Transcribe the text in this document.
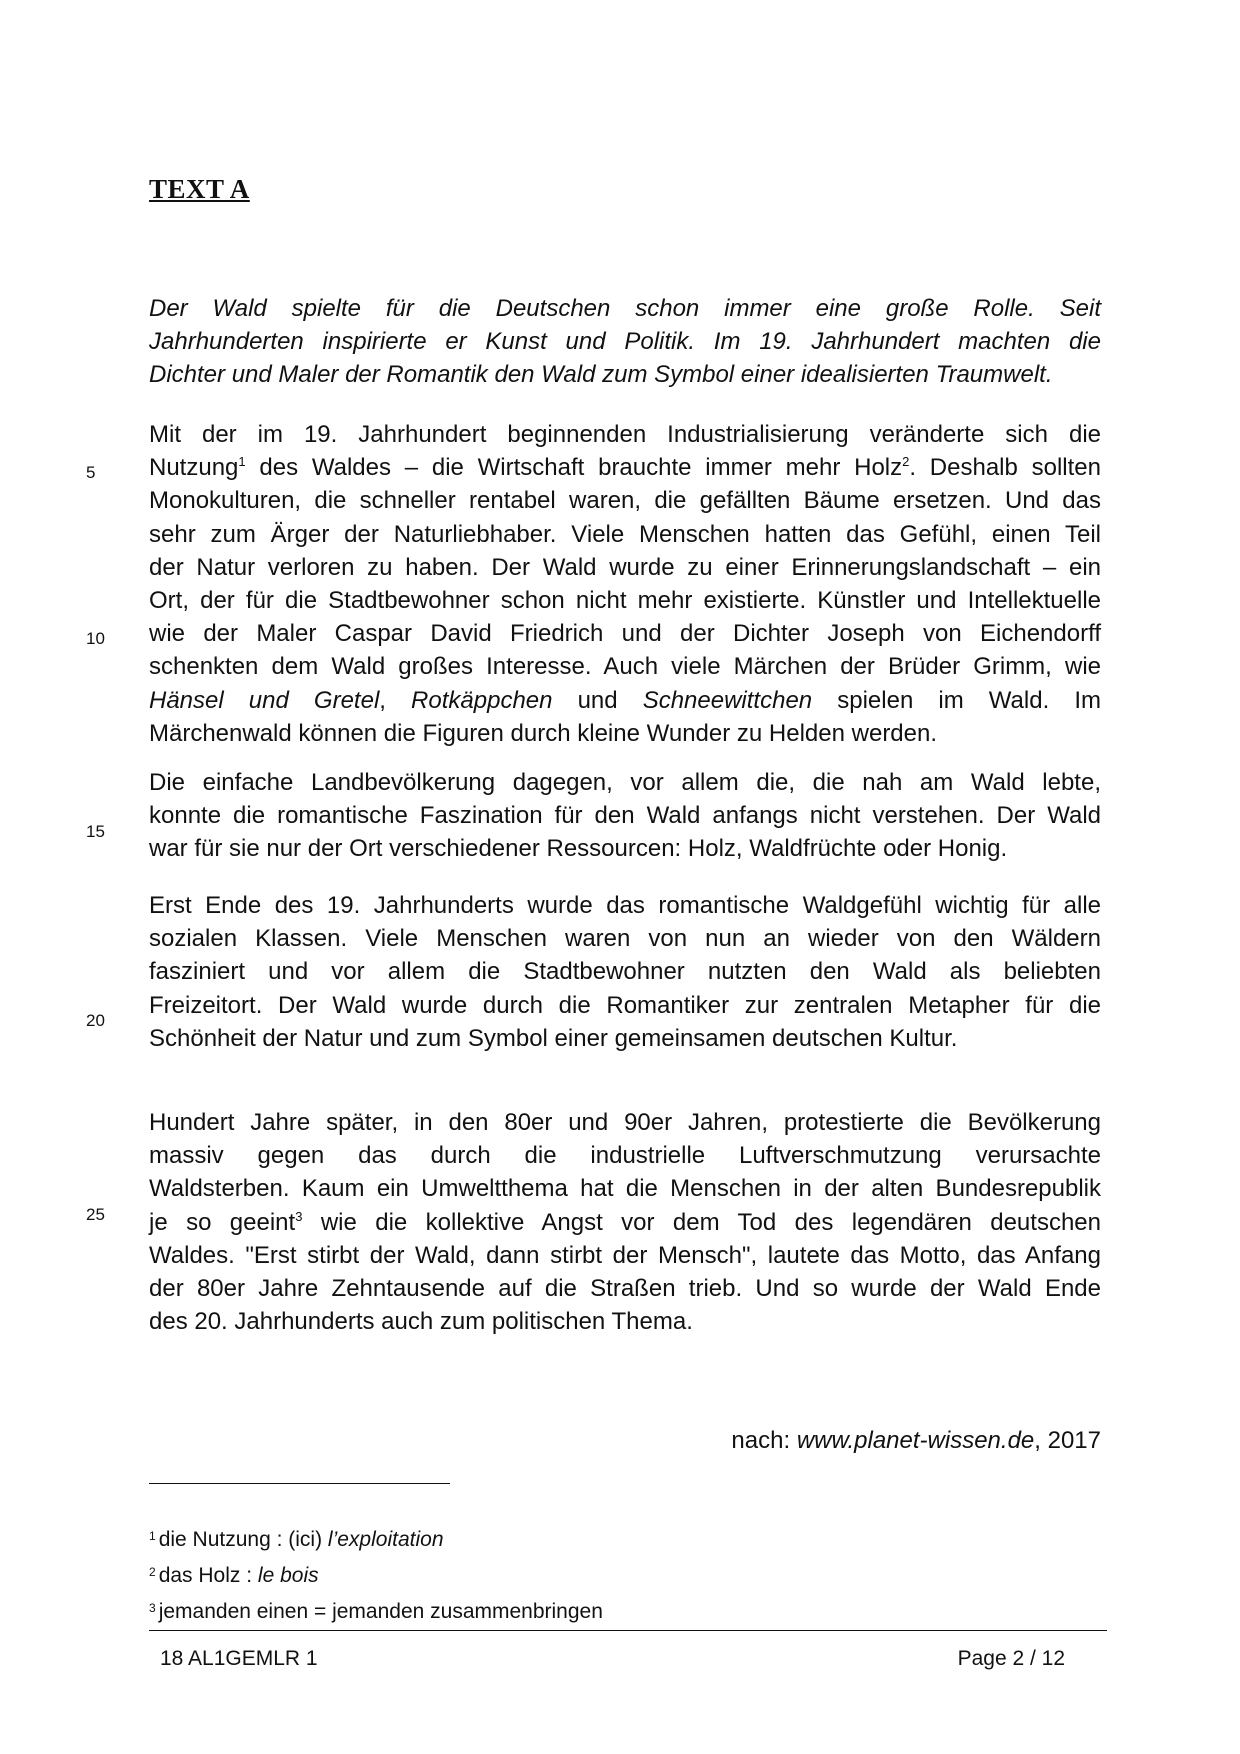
TEXT A
Der Wald spielte für die Deutschen schon immer eine große Rolle. Seit
Jahrhunderten inspirierte er Kunst und Politik. Im 19. Jahrhundert machten die
Dichter und Maler der Romantik den Wald zum Symbol einer idealisierten Traumwelt.
Mit der im 19. Jahrhundert beginnenden Industrialisierung veränderte sich die
Nutzung$^1$ des Waldes – die Wirtschaft brauchte immer mehr Holz$^2$. Deshalb sollten
Monokulturen, die schneller rentabel waren, die gefällten Bäume ersetzen. Und das
sehr zum Ärger der Naturliebhaber. Viele Menschen hatten das Gefühl, einen Teil
der Natur verloren zu haben. Der Wald wurde zu einer Erinnerungslandschaft – ein
Ort, der für die Stadtbewohner schon nicht mehr existierte. Künstler und Intellektuelle
wie der Maler Caspar David Friedrich und der Dichter Joseph von Eichendorff
schenkten dem Wald großes Interesse. Auch viele Märchen der Brüder Grimm, wie
Hänsel und Gretel, Rotkäppchen und Schneewittchen spielen im Wald. Im
Märchenwald können die Figuren durch kleine Wunder zu Helden werden.
Die einfache Landbevölkerung dagegen, vor allem die, die nah am Wald lebte,
konnte die romantische Faszination für den Wald anfangs nicht verstehen. Der Wald
war für sie nur der Ort verschiedener Ressourcen: Holz, Waldfrüchte oder Honig.
Erst Ende des 19. Jahrhunderts wurde das romantische Waldgefühl wichtig für alle
sozialen Klassen. Viele Menschen waren von nun an wieder von den Wäldern
fasziniert und vor allem die Stadtbewohner nutzten den Wald als beliebten
Freizeitort. Der Wald wurde durch die Romantiker zur zentralen Metapher für die
Schönheit der Natur und zum Symbol einer gemeinsamen deutschen Kultur.
Hundert Jahre später, in den 80er und 90er Jahren, protestierte die Bevölkerung
massiv gegen das durch die industrielle Luftverschmutzung verursachte
Waldsterben. Kaum ein Umweltthema hat die Menschen in der alten Bundesrepublik
je so geeint$^3$ wie die kollektive Angst vor dem Tod des legendären deutschen
Waldes. "Erst stirbt der Wald, dann stirbt der Mensch", lautete das Motto, das Anfang
der 80er Jahre Zehntausende auf die Straßen trieb. Und so wurde der Wald Ende
des 20. Jahrhunderts auch zum politischen Thema.
5
10
15
20
25
nach: www.planet-wissen.de, 2017
$^1$ die Nutzung : (ici) l’exploitation
$^2$ das Holz : le bois
$^3$ jemanden einen = jemanden zusammenbringen
18 AL1GEMLR 1	Page 2 / 12
